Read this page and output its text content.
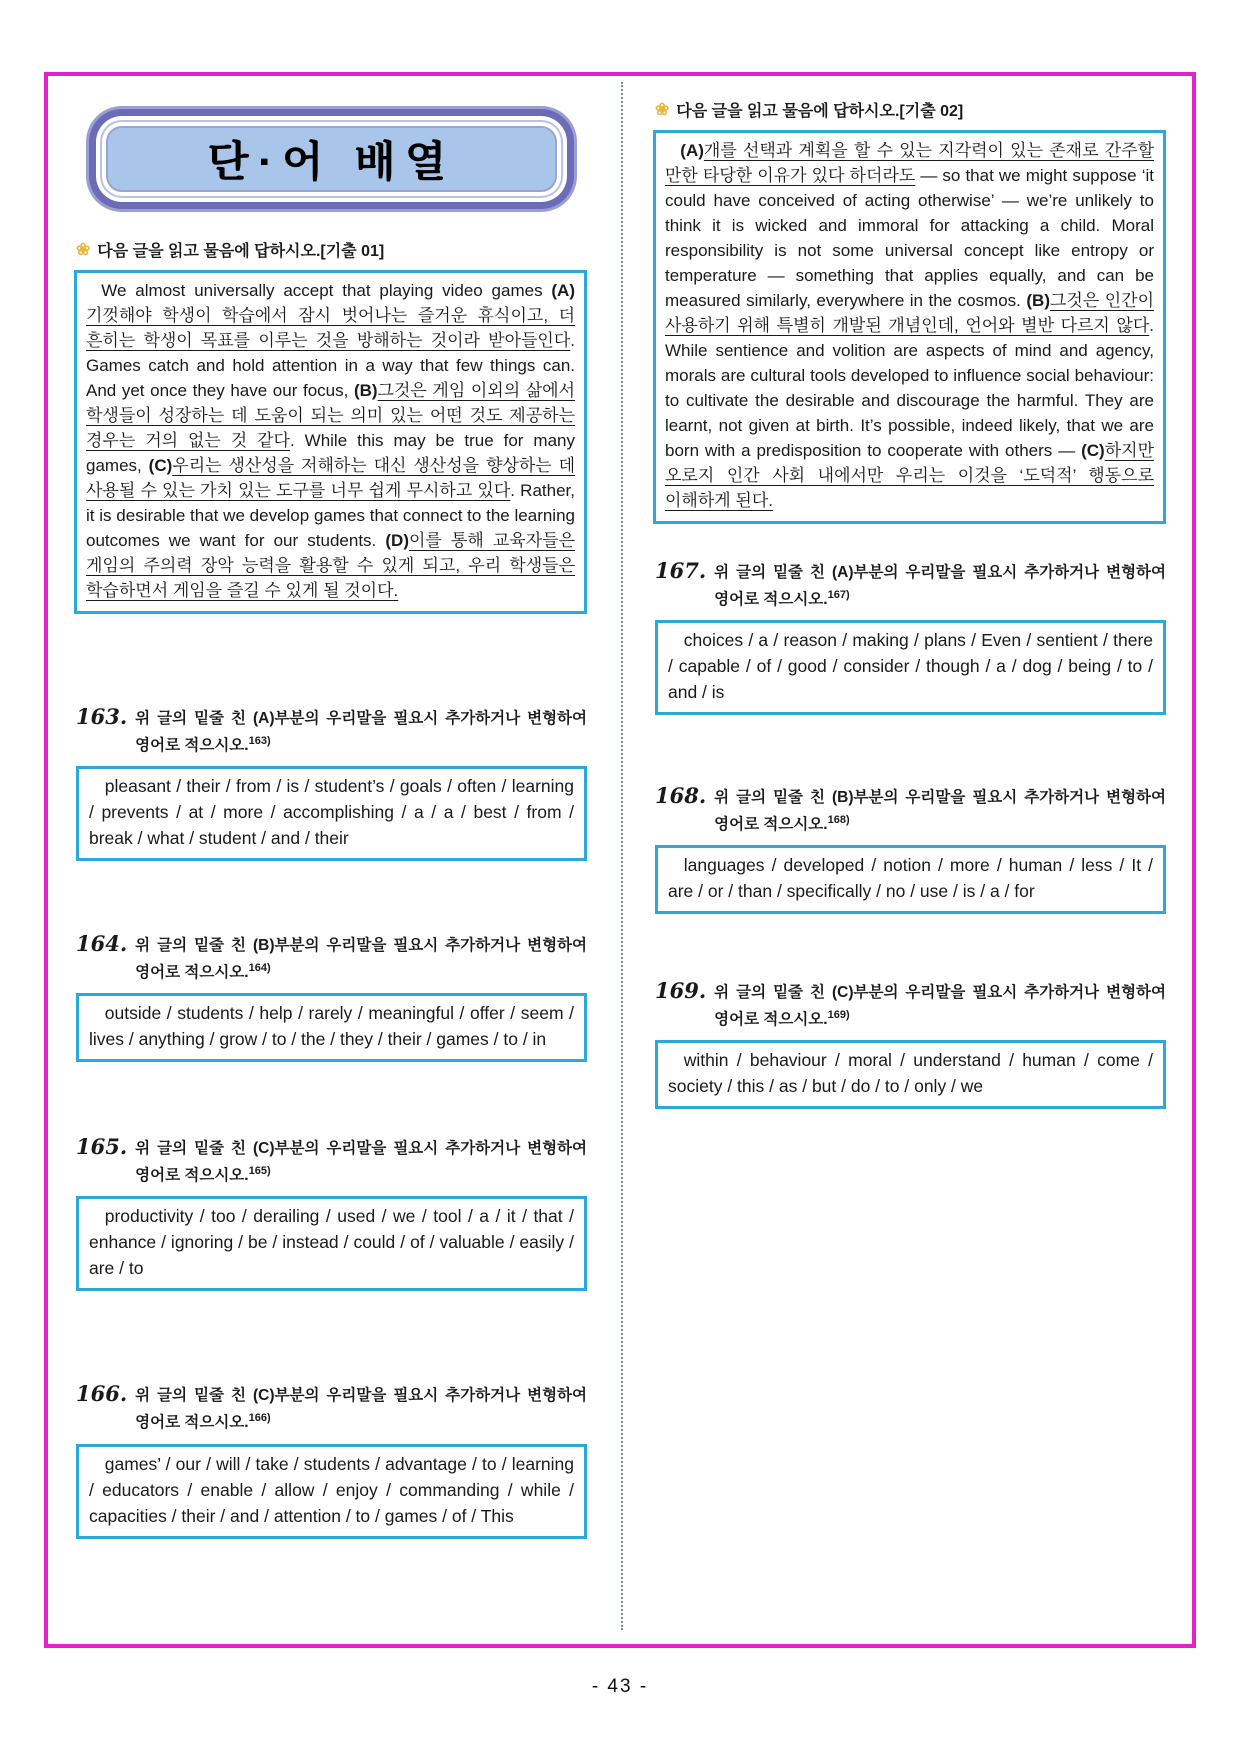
단·어 배열
❀ 다음 글을 읽고 물음에 답하시오.[기출 01]
We almost universally accept that playing video games (A)기껏해야 학생이 학습에서 잠시 벗어나는 즐거운 휴식이고, 더 흔히는 학생이 목표를 이루는 것을 방해하는 것이라 받아들인다. Games catch and hold attention in a way that few things can. And yet once they have our focus, (B)그것은 게임 이외의 삶에서 학생들이 성장하는 데 도움이 되는 의미 있는 어떤 것도 제공하는 경우는 거의 없는 것 같다. While this may be true for many games, (C)우리는 생산성을 저해하는 대신 생산성을 향상하는 데 사용될 수 있는 가치 있는 도구를 너무 쉽게 무시하고 있다. Rather, it is desirable that we develop games that connect to the learning outcomes we want for our students. (D)이를 통해 교육자들은 게임의 주의력 장악 능력을 활용할 수 있게 되고, 우리 학생들은 학습하면서 게임을 즐길 수 있게 될 것이다.
163. 위 글의 밑줄 친 (A)부분의 우리말을 필요시 추가하거나 변형하여 영어로 적으시오.$^{163)}$
pleasant / their / from / is / student’s / goals / often / learning / prevents / at / more / accomplishing / a / a / best / from / break / what / student / and / their
164. 위 글의 밑줄 친 (B)부분의 우리말을 필요시 추가하거나 변형하여 영어로 적으시오.$^{164)}$
outside / students / help / rarely / meaningful / offer / seem / lives / anything / grow / to / the / they / their / games / to / in
165. 위 글의 밑줄 친 (C)부분의 우리말을 필요시 추가하거나 변형하여 영어로 적으시오.$^{165)}$
productivity / too / derailing / used / we / tool / a / it / that / enhance / ignoring / be / instead / could / of / valuable / easily / are / to
166. 위 글의 밑줄 친 (C)부분의 우리말을 필요시 추가하거나 변형하여 영어로 적으시오.$^{166)}$
games’ / our / will / take / students / advantage / to / learning / educators / enable / allow / enjoy / commanding / while / capacities / their / and / attention / to / games / of / This
❀ 다음 글을 읽고 물음에 답하시오.[기출 02]
(A)개를 선택과 계획을 할 수 있는 지각력이 있는 존재로 간주할 만한 타당한 이유가 있다 하더라도 — so that we might suppose ‘it could have conceived of acting otherwise’ — we’re unlikely to think it is wicked and immoral for attacking a child. Moral responsibility is not some universal concept like entropy or temperature — something that applies equally, and can be measured similarly, everywhere in the cosmos. (B)그것은 인간이 사용하기 위해 특별히 개발된 개념인데, 언어와 별반 다르지 않다. While sentience and volition are aspects of mind and agency, morals are cultural tools developed to influence social behaviour: to cultivate the desirable and discourage the harmful. They are learnt, not given at birth. It’s possible, indeed likely, that we are born with a predisposition to cooperate with others — (C)하지만 오로지 인간 사회 내에서만 우리는 이것을 ‘도덕적’ 행동으로 이해하게 된다.
167. 위 글의 밑줄 친 (A)부분의 우리말을 필요시 추가하거나 변형하여 영어로 적으시오.$^{167)}$
choices / a / reason / making / plans / Even / sentient / there / capable / of / good / consider / though / a / dog / being / to / and / is
168. 위 글의 밑줄 친 (B)부분의 우리말을 필요시 추가하거나 변형하여 영어로 적으시오.$^{168)}$
languages / developed / notion / more / human / less / It / are / or / than / specifically / no / use / is / a / for
169. 위 글의 밑줄 친 (C)부분의 우리말을 필요시 추가하거나 변형하여 영어로 적으시오.$^{169)}$
within / behaviour / moral / understand / human / come / society / this / as / but / do / to / only / we
- 43 -
